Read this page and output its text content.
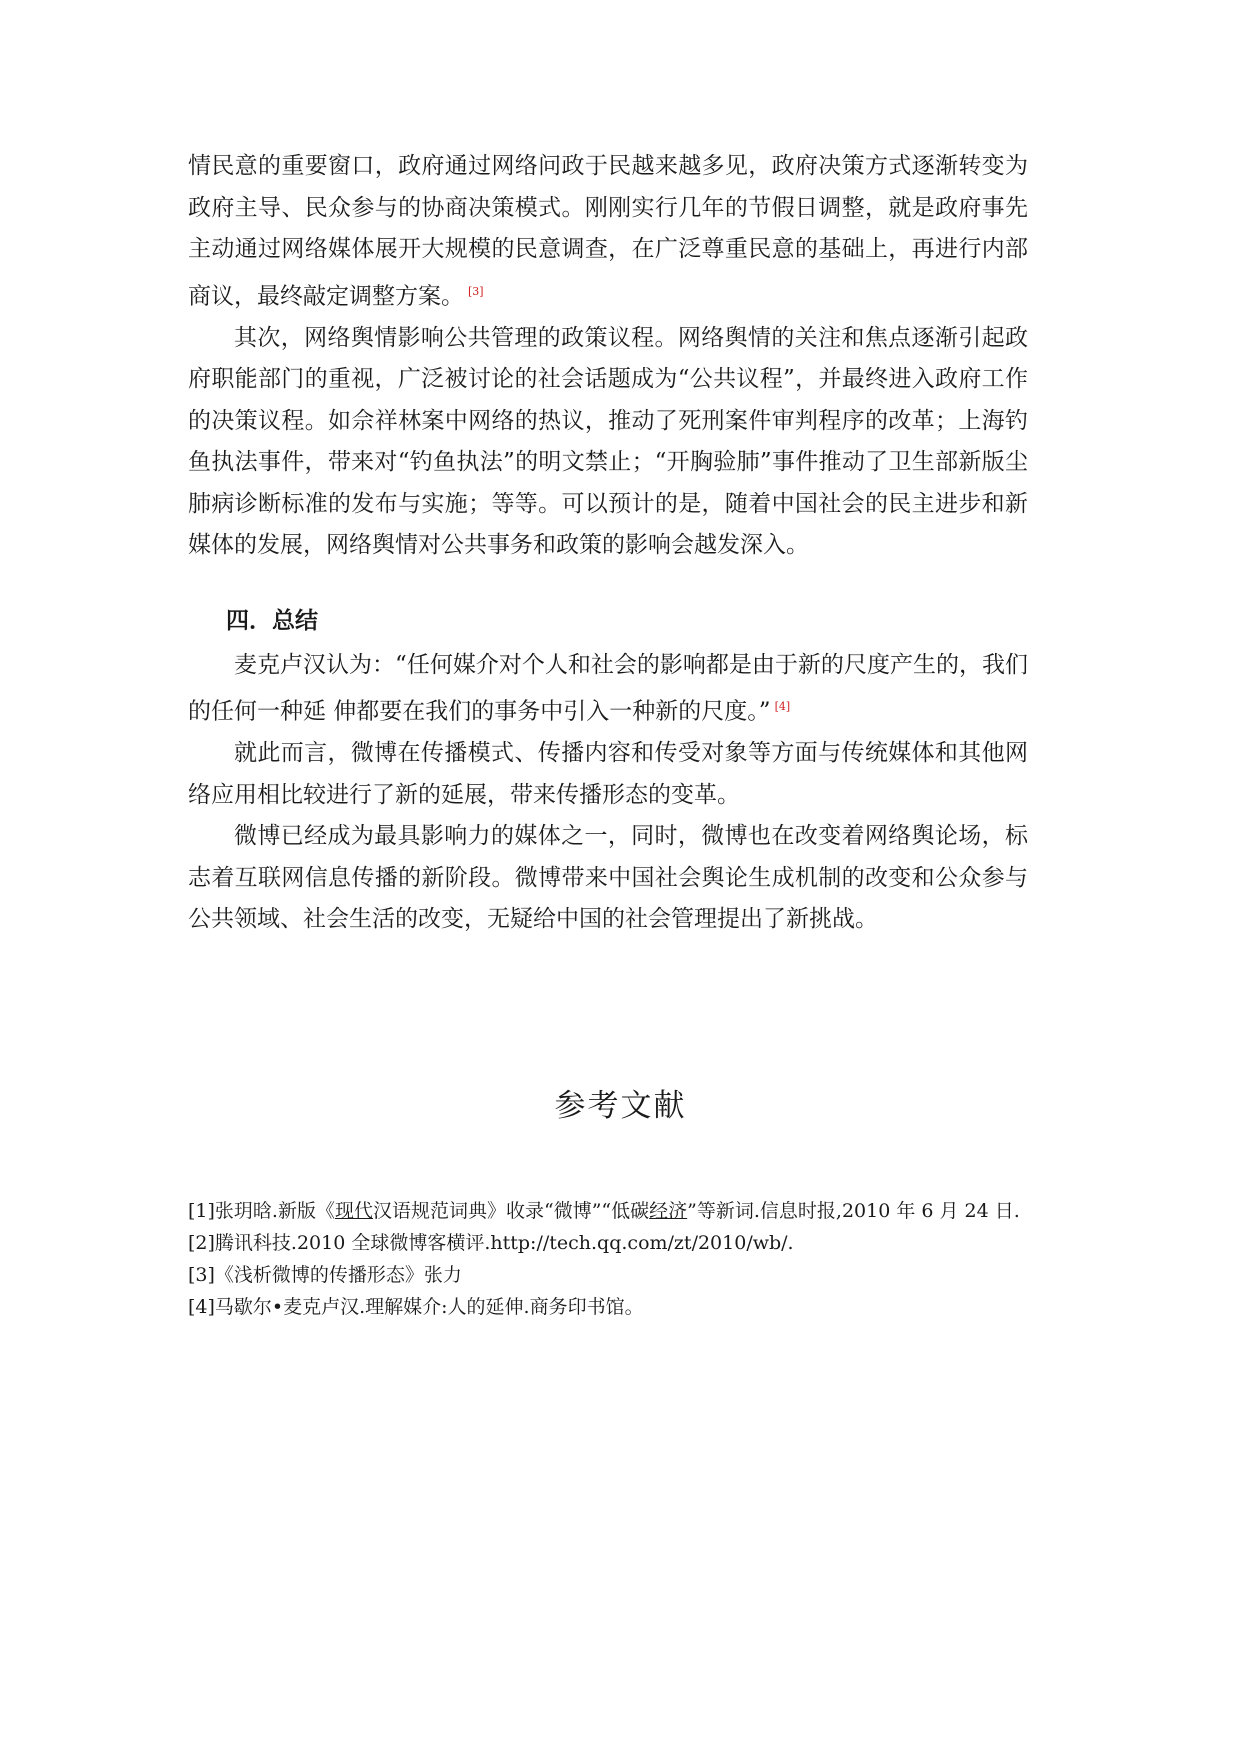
情民意的重要窗口，政府通过网络问政于民越来越多见，政府决策方式逐渐转变为政府主导、民众参与的协商决策模式。刚刚实行几年的节假日调整，就是政府事先主动通过网络媒体展开大规模的民意调查，在广泛尊重民意的基础上，再进行内部商议，最终敲定调整方案。 [3]

其次，网络舆情影响公共管理的政策议程。网络舆情的关注和焦点逐渐引起政府职能部门的重视，广泛被讨论的社会话题成为“公共议程”，并最终进入政府工作的决策议程。如佘祥林案中网络的热议，推动了死刑案件审判程序的改革；上海钓鱼执法事件，带来对“钓鱼执法”的明文禁止；“开胸验肺”事件推动了卫生部新版尘肺病诊断标准的发布与实施；等等。可以预计的是，随着中国社会的民主进步和新媒体的发展，网络舆情对公共事务和政策的影响会越发深入。

四．总结

麦克卢汉认为：“任何媒介对个人和社会的影响都是由于新的尺度产生的，我们的任何一种延 伸都要在我们的事务中引入一种新的尺度。” [4]

就此而言，微博在传播模式、传播内容和传受对象等方面与传统媒体和其他网络应用相比较进行了新的延展，带来传播形态的变革。

微博已经成为最具影响力的媒体之一，同时，微博也在改变着网络舆论场，标志着互联网信息传播的新阶段。微博带来中国社会舆论生成机制的改变和公众参与公共领域、社会生活的改变，无疑给中国的社会管理提出了新挑战。

参考文献

[1]张玥晗.新版《现代汉语规范词典》收录“微博”“低碳经济”等新词.信息时报,2010 年 6 月 24 日.

[2]腾讯科技.2010 全球微博客横评.http://tech.qq.com/zt/2010/wb/.

[3]《浅析微博的传播形态》张力

[4]马歇尔•麦克卢汉.理解媒介:人的延伸.商务印书馆。
